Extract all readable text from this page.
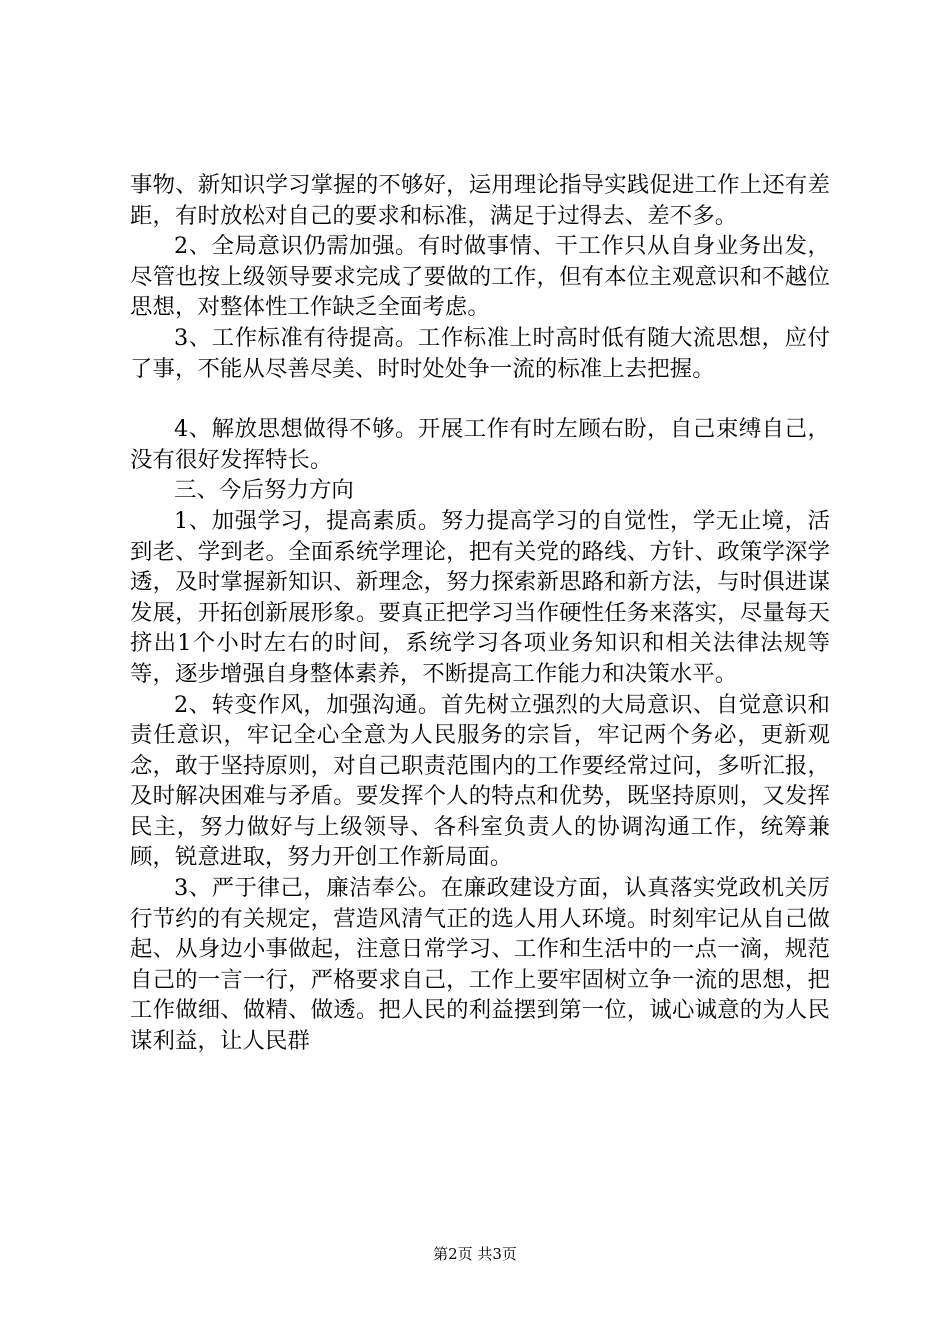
事物、新知识学习掌握的不够好，运用理论指导实践促进工作上还有差距，有时放松对自己的要求和标准，满足于过得去、差不多。

2、全局意识仍需加强。有时做事情、干工作只从自身业务出发，尽管也按上级领导要求完成了要做的工作，但有本位主观意识和不越位思想，对整体性工作缺乏全面考虑。

3、工作标准有待提高。工作标准上时高时低有随大流思想，应付了事，不能从尽善尽美、时时处处争一流的标准上去把握。

4、解放思想做得不够。开展工作有时左顾右盼，自己束缚自己，没有很好发挥特长。

三、今后努力方向

1、加强学习，提高素质。努力提高学习的自觉性，学无止境，活到老、学到老。全面系统学理论，把有关党的路线、方针、政策学深学透，及时掌握新知识、新理念，努力探索新思路和新方法，与时俱进谋发展，开拓创新展形象。要真正把学习当作硬性任务来落实，尽量每天挤出1个小时左右的时间，系统学习各项业务知识和相关法律法规等等，逐步增强自身整体素养，不断提高工作能力和决策水平。

2、转变作风，加强沟通。首先树立强烈的大局意识、自觉意识和责任意识，牢记全心全意为人民服务的宗旨，牢记两个务必，更新观念，敢于坚持原则，对自己职责范围内的工作要经常过问，多听汇报，及时解决困难与矛盾。要发挥个人的特点和优势，既坚持原则，又发挥民主，努力做好与上级领导、各科室负责人的协调沟通工作，统筹兼顾，锐意进取，努力开创工作新局面。

3、严于律己，廉洁奉公。在廉政建设方面，认真落实党政机关厉行节约的有关规定，营造风清气正的选人用人环境。时刻牢记从自己做起、从身边小事做起，注意日常学习、工作和生活中的一点一滴，规范自己的一言一行，严格要求自己，工作上要牢固树立争一流的思想，把工作做细、做精、做透。把人民的利益摆到第一位，诚心诚意的为人民谋利益，让人民群

第2页 共3页
